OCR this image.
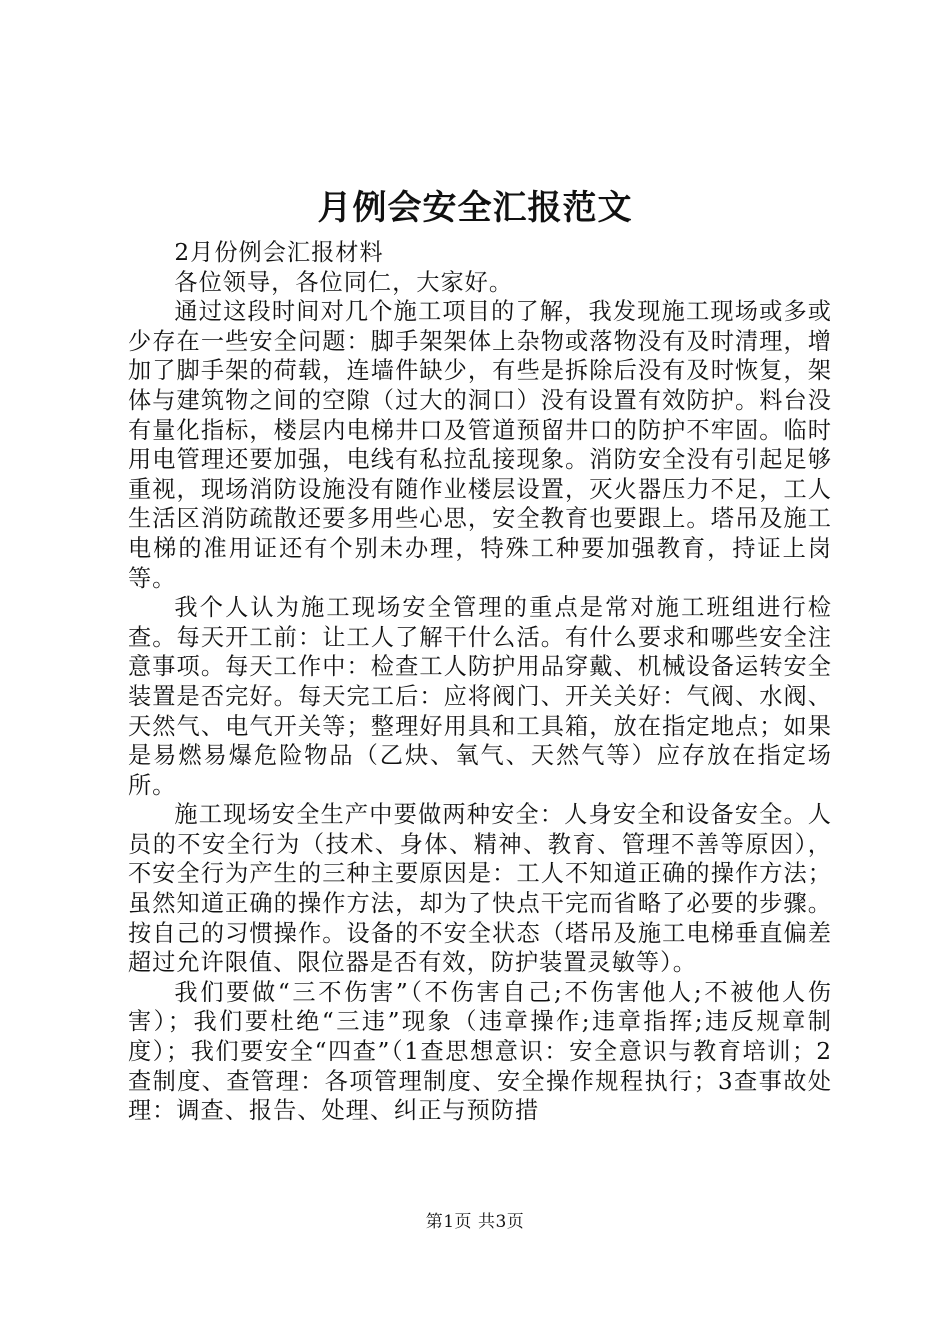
月例会安全汇报范文

2月份例会汇报材料

各位领导，各位同仁，大家好。

通过这段时间对几个施工项目的了解，我发现施工现场或多或少存在一些安全问题：脚手架架体上杂物或落物没有及时清理，增加了脚手架的荷载，连墙件缺少，有些是拆除后没有及时恢复，架体与建筑物之间的空隙（过大的洞口）没有设置有效防护。料台没有量化指标，楼层内电梯井口及管道预留井口的防护不牢固。临时用电管理还要加强，电线有私拉乱接现象。消防安全没有引起足够重视，现场消防设施没有随作业楼层设置，灭火器压力不足，工人生活区消防疏散还要多用些心思，安全教育也要跟上。塔吊及施工电梯的准用证还有个别未办理，特殊工种要加强教育，持证上岗等。

我个人认为施工现场安全管理的重点是常对施工班组进行检查。每天开工前：让工人了解干什么活。有什么要求和哪些安全注意事项。每天工作中：检查工人防护用品穿戴、机械设备运转安全装置是否完好。每天完工后：应将阀门、开关关好：气阀、水阀、天然气、电气开关等；整理好用具和工具箱，放在指定地点；如果是易燃易爆危险物品（乙炔、氧气、天然气等）应存放在指定场所。

施工现场安全生产中要做两种安全：人身安全和设备安全。人员的不安全行为（技术、身体、精神、教育、管理不善等原因），不安全行为产生的三种主要原因是：工人不知道正确的操作方法；虽然知道正确的操作方法，却为了快点干完而省略了必要的步骤。按自己的习惯操作。设备的不安全状态（塔吊及施工电梯垂直偏差超过允许限值、限位器是否有效，防护装置灵敏等）。

我们要做“三不伤害”（不伤害自己;不伤害他人;不被他人伤害）；我们要杜绝“三违”现象（违章操作;违章指挥;违反规章制度）；我们要安全“四查”（1查思想意识：安全意识与教育培训；2查制度、查管理：各项管理制度、安全操作规程执行；3查事故处理：调查、报告、处理、纠正与预防措

第1页 共3页
